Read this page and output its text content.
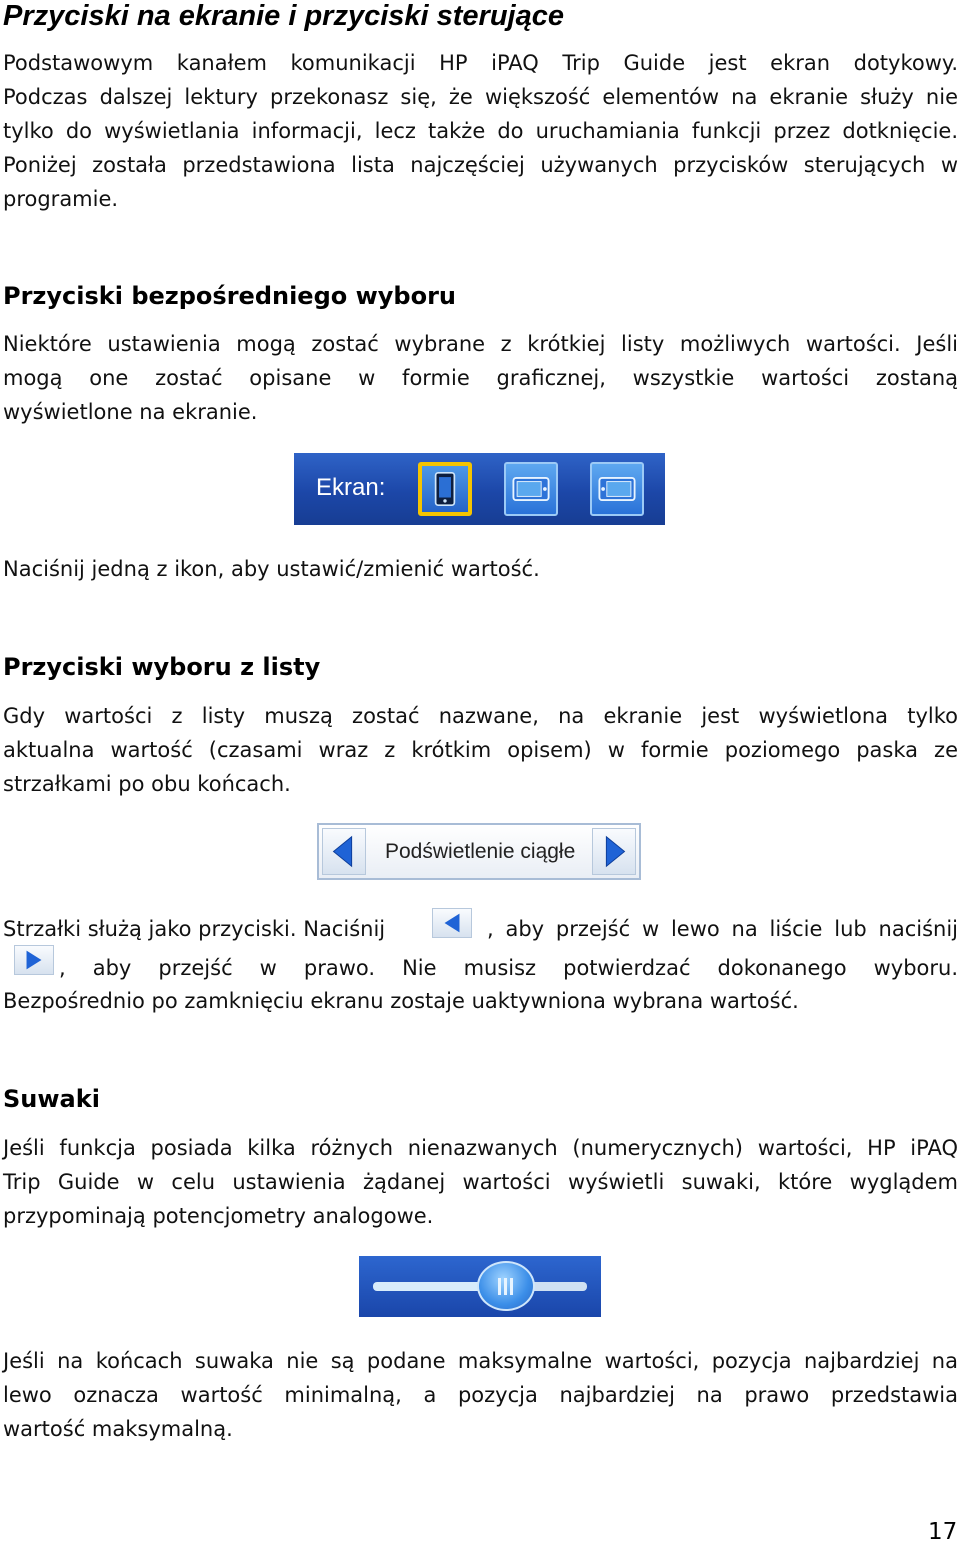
Przyciski na ekranie i przyciski sterujące
Podstawowym kanałem komunikacji HP iPAQ Trip Guide jest ekran dotykowy.
Podczas dalszej lektury przekonasz się, że większość elementów na ekranie służy nie
tylko do wyświetlania informacji, lecz także do uruchamiania funkcji przez dotknięcie.
Poniżej została przedstawiona lista najczęściej używanych przycisków sterujących w
programie.
Przyciski bezpośredniego wyboru
Niektóre ustawienia mogą zostać wybrane z krótkiej listy możliwych wartości. Jeśli
mogą one zostać opisane w formie graficznej, wszystkie wartości zostaną
wyświetlone na ekranie.
Ekran:
Naciśnij jedną z ikon, aby ustawić/zmienić wartość.
Przyciski wyboru z listy
Gdy wartości z listy muszą zostać nazwane, na ekranie jest wyświetlona tylko
aktualna wartość (czasami wraz z krótkim opisem) w formie poziomego paska ze
strzałkami po obu końcach.
Podświetlenie ciągłe
Strzałki służą jako przyciski. Naciśnij	, aby przejść w lewo na liście lub naciśnij
, aby przejść w prawo. Nie musisz potwierdzać dokonanego wyboru.
Bezpośrednio po zamknięciu ekranu zostaje uaktywniona wybrana wartość.
Suwaki
Jeśli funkcja posiada kilka różnych nienazwanych (numerycznych) wartości, HP iPAQ
Trip Guide w celu ustawienia żądanej wartości wyświetli suwaki, które wyglądem
przypominają potencjometry analogowe.
Jeśli na końcach suwaka nie są podane maksymalne wartości, pozycja najbardziej na
lewo oznacza wartość minimalną, a pozycja najbardziej na prawo przedstawia
wartość maksymalną.
17
